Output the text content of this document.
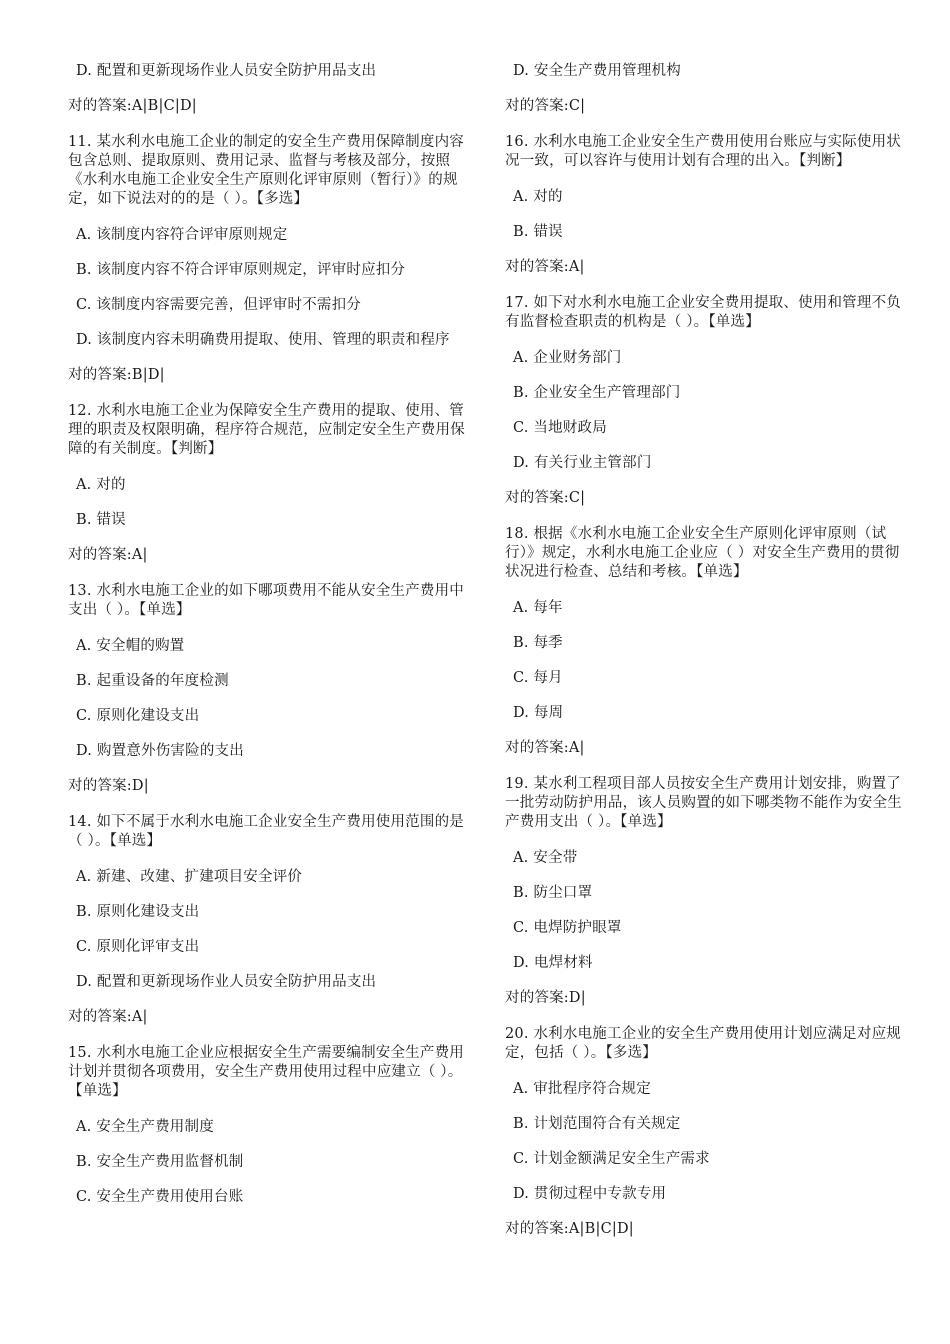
D. 配置和更新现场作业人员安全防护用品支出
对的答案:A|B|C|D|
11. 某水利水电施工企业的制定的安全生产费用保障制度内容包含总则、提取原则、费用记录、监督与考核及部分，按照《水利水电施工企业安全生产原则化评审原则（暂行）》的规定，如下说法对的的是（ ）。【多选】
A. 该制度内容符合评审原则规定
B. 该制度内容不符合评审原则规定，评审时应扣分
C. 该制度内容需要完善，但评审时不需扣分
D. 该制度内容未明确费用提取、使用、管理的职责和程序
对的答案:B|D|
12. 水利水电施工企业为保障安全生产费用的提取、使用、管理的职责及权限明确，程序符合规范，应制定安全生产费用保障的有关制度。【判断】
A. 对的
B. 错误
对的答案:A|
13. 水利水电施工企业的如下哪项费用不能从安全生产费用中支出（ ）。【单选】
A. 安全帽的购置
B. 起重设备的年度检测
C. 原则化建设支出
D. 购置意外伤害险的支出
对的答案:D|
14. 如下不属于水利水电施工企业安全生产费用使用范围的是（ ）。【单选】
A. 新建、改建、扩建项目安全评价
B. 原则化建设支出
C. 原则化评审支出
D. 配置和更新现场作业人员安全防护用品支出
对的答案:A|
15. 水利水电施工企业应根据安全生产需要编制安全生产费用计划并贯彻各项费用，安全生产费用使用过程中应建立（ ）。【单选】
A. 安全生产费用制度
B. 安全生产费用监督机制
C. 安全生产费用使用台账
D. 安全生产费用管理机构
对的答案:C|
16. 水利水电施工企业安全生产费用使用台账应与实际使用状况一致，可以容许与使用计划有合理的出入。【判断】
A. 对的
B. 错误
对的答案:A|
17. 如下对水利水电施工企业安全费用提取、使用和管理不负有监督检查职责的机构是（ ）。【单选】
A. 企业财务部门
B. 企业安全生产管理部门
C. 当地财政局
D. 有关行业主管部门
对的答案:C|
18. 根据《水利水电施工企业安全生产原则化评审原则（试行）》规定，水利水电施工企业应（ ）对安全生产费用的贯彻状况进行检查、总结和考核。【单选】
A. 每年
B. 每季
C. 每月
D. 每周
对的答案:A|
19. 某水利工程项目部人员按安全生产费用计划安排，购置了一批劳动防护用品，该人员购置的如下哪类物不能作为安全生产费用支出（ ）。【单选】
A. 安全带
B. 防尘口罩
C. 电焊防护眼罩
D. 电焊材料
对的答案:D|
20. 水利水电施工企业的安全生产费用使用计划应满足对应规定，包括（ ）。【多选】
A. 审批程序符合规定
B. 计划范围符合有关规定
C. 计划金额满足安全生产需求
D. 贯彻过程中专款专用
对的答案:A|B|C|D|
